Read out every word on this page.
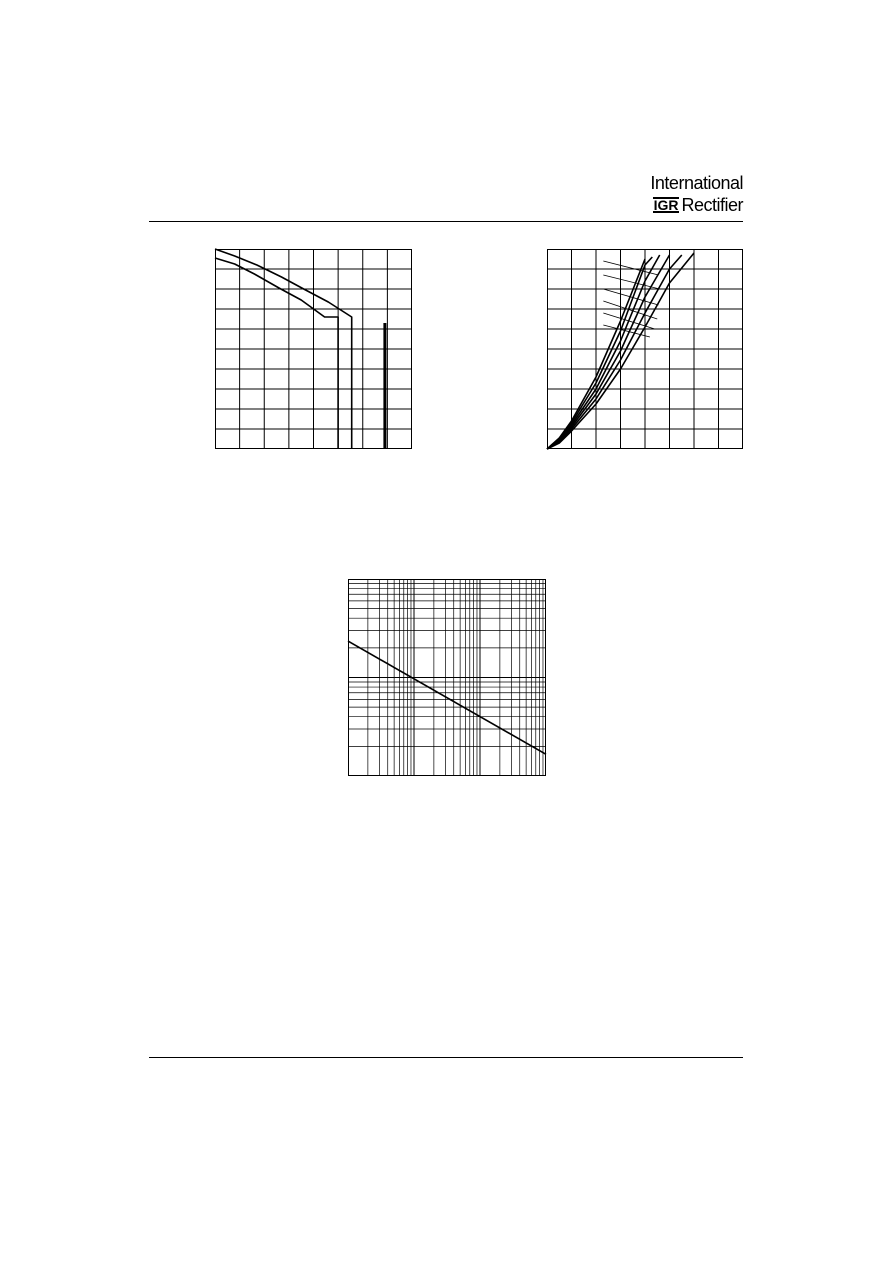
International
IGR Rectifier
